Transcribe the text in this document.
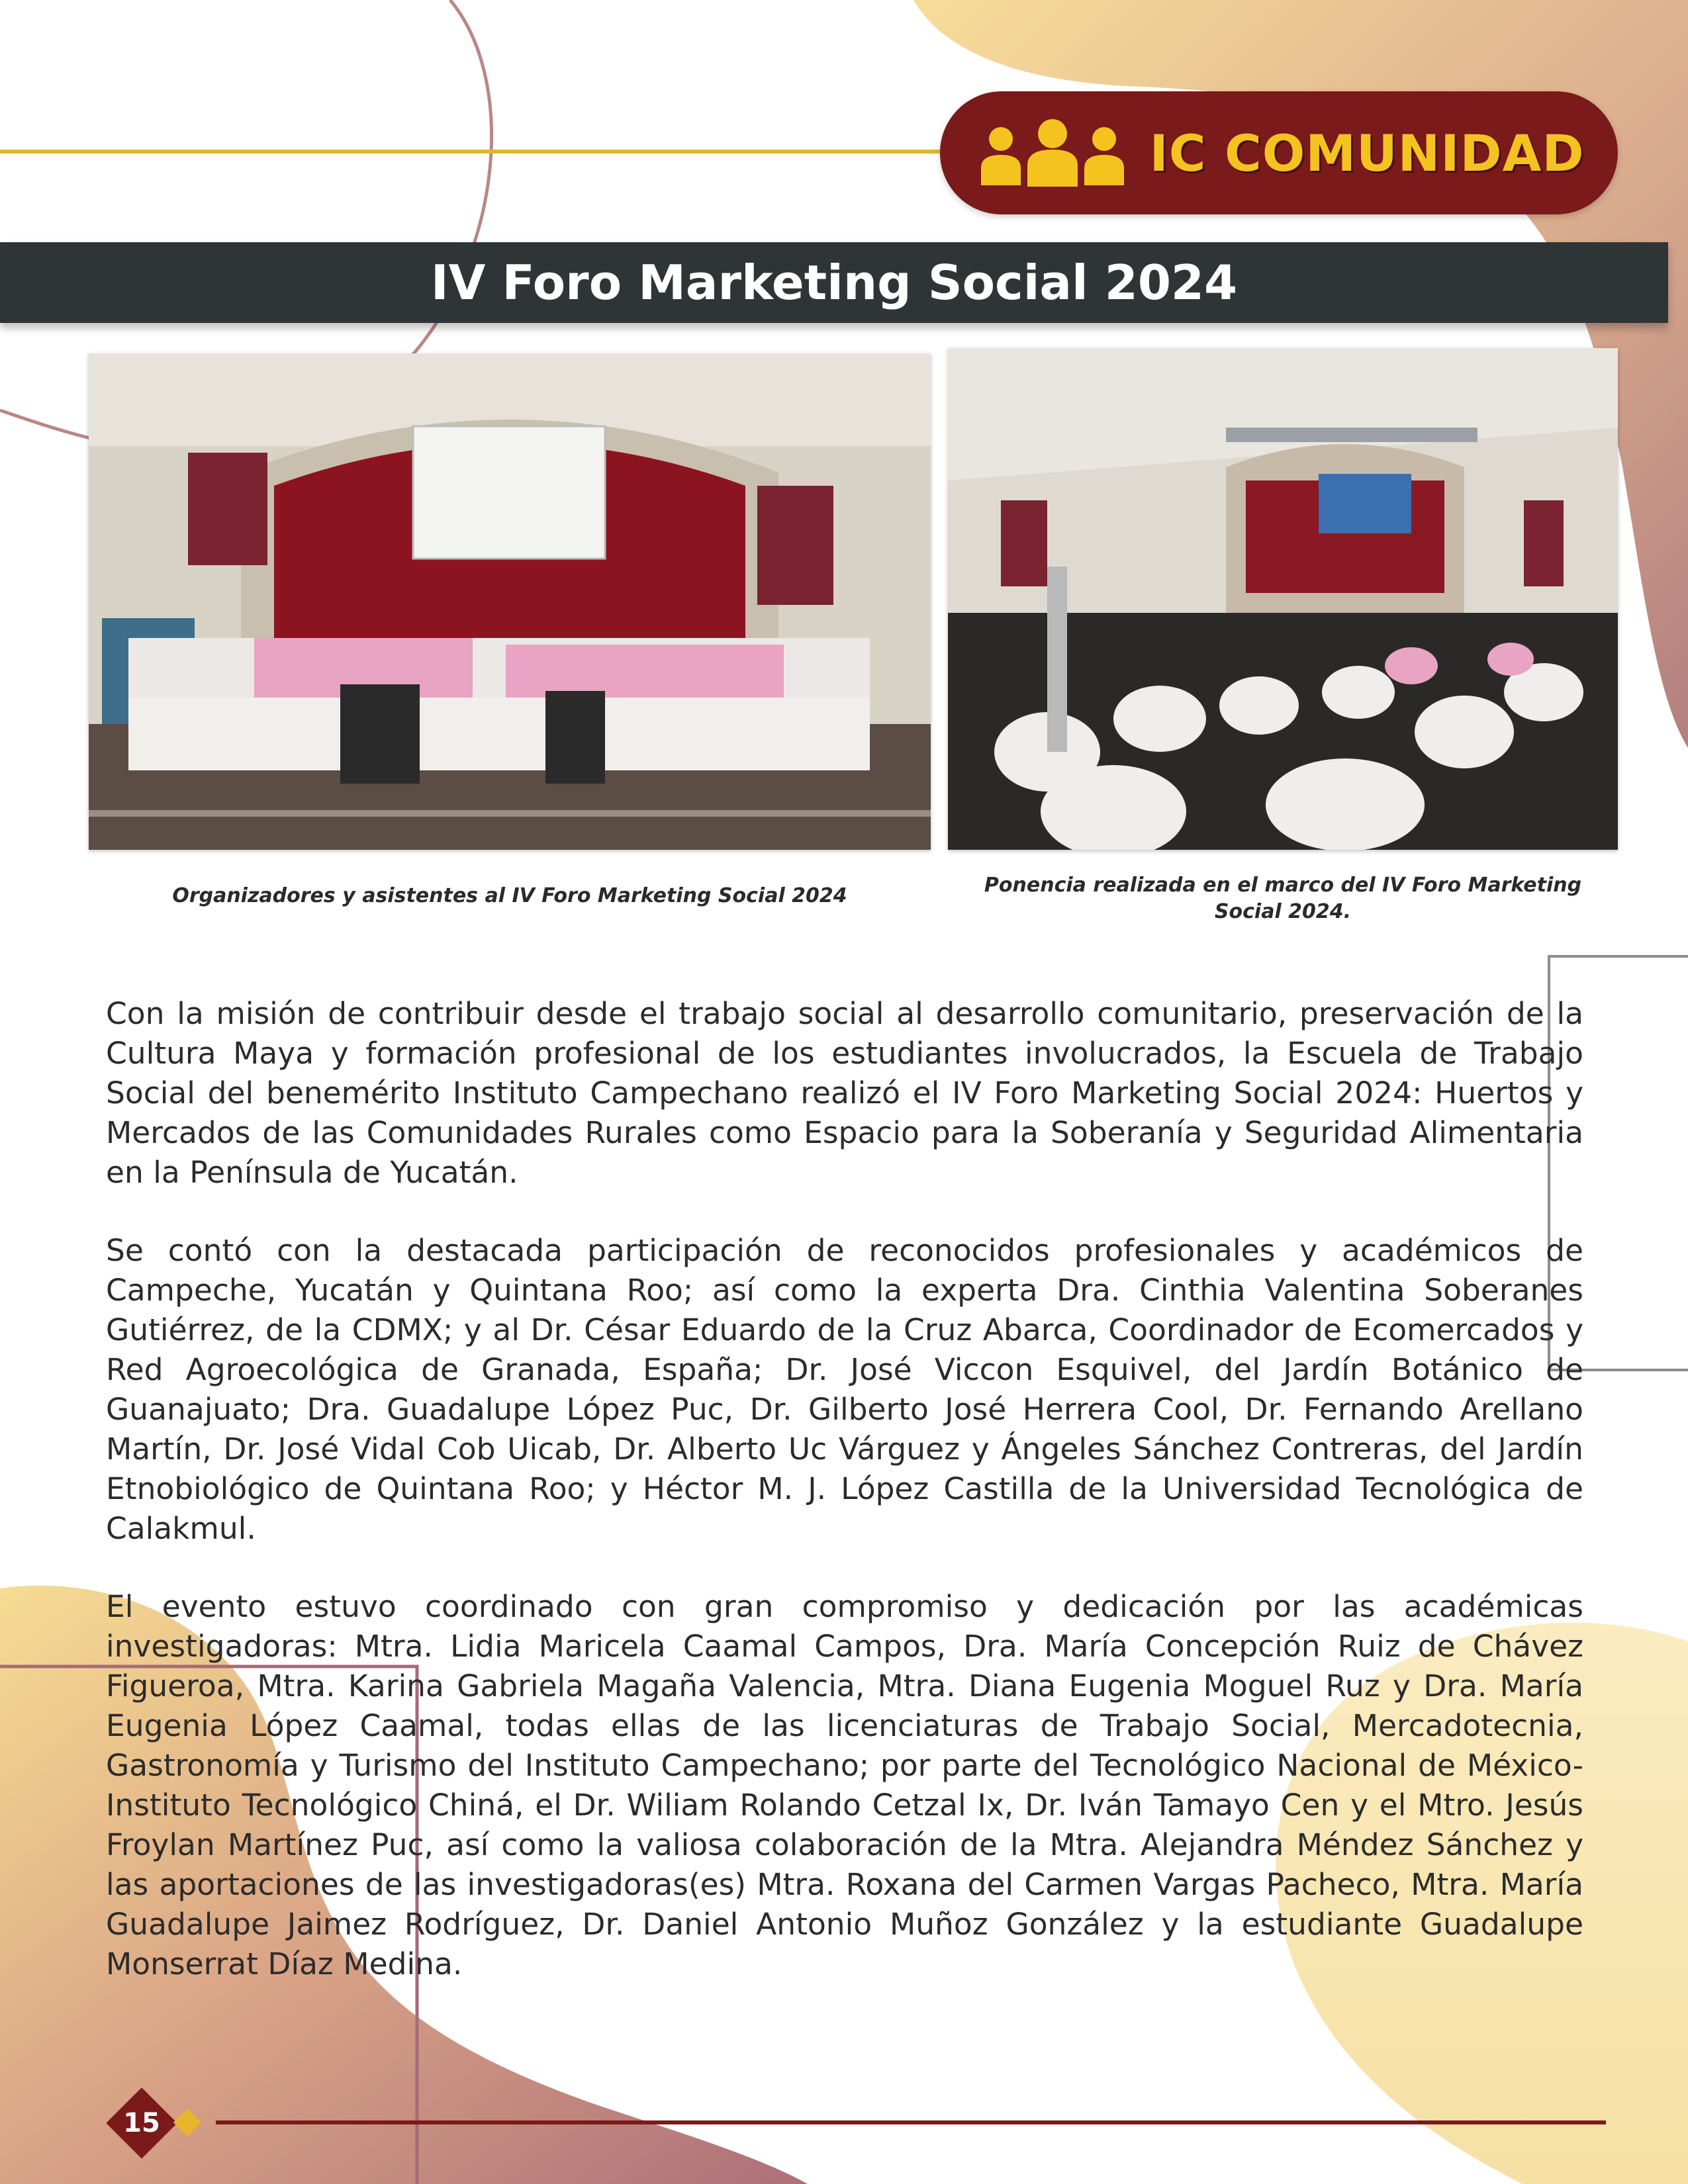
IC COMUNIDAD
IV Foro Marketing Social 2024
Organizadores y asistentes al IV Foro Marketing Social 2024	Ponencia realizada en el marco del IV Foro Marketing Social 2024.

Con la misión de contribuir desde el trabajo social al desarrollo comunitario, preservación de la Cultura Maya y formación profesional de los estudiantes involucrados, la Escuela de Trabajo Social del benemérito Instituto Campechano realizó el IV Foro Marketing Social 2024: Huertos y Mercados de las Comunidades Rurales como Espacio para la Soberanía y Seguridad Alimentaria en la Península de Yucatán.

Se contó con la destacada participación de reconocidos profesionales y académicos de Campeche, Yucatán y Quintana Roo; así como la experta Dra. Cinthia Valentina Soberanes Gutiérrez, de la CDMX; y al Dr. César Eduardo de la Cruz Abarca, Coordinador de Ecomercados y Red Agroecológica de Granada, España; Dr. José Viccon Esquivel, del Jardín Botánico de Guanajuato; Dra. Guadalupe López Puc, Dr. Gilberto José Herrera Cool, Dr. Fernando Arellano Martín, Dr. José Vidal Cob Uicab, Dr. Alberto Uc Várguez y Ángeles Sánchez Contreras, del Jardín Etnobiológico de Quintana Roo; y Héctor M. J. López Castilla de la Universidad Tecnológica de Calakmul.

El evento estuvo coordinado con gran compromiso y dedicación por las académicas investigadoras: Mtra. Lidia Maricela Caamal Campos, Dra. María Concepción Ruiz de Chávez Figueroa, Mtra. Karina Gabriela Magaña Valencia, Mtra. Diana Eugenia Moguel Ruz y Dra. María Eugenia López Caamal, todas ellas de las licenciaturas de Trabajo Social, Mercadotecnia, Gastronomía y Turismo del Instituto Campechano; por parte del Tecnológico Nacional de México-Instituto Tecnológico Chiná, el Dr. Wiliam Rolando Cetzal Ix, Dr. Iván Tamayo Cen y el Mtro. Jesús Froylan Martínez Puc, así como la valiosa colaboración de la Mtra. Alejandra Méndez Sánchez y las aportaciones de las investigadoras(es) Mtra. Roxana del Carmen Vargas Pacheco, Mtra. María Guadalupe Jaimez Rodríguez, Dr. Daniel Antonio Muñoz González y la estudiante Guadalupe Monserrat Díaz Medina.

15
